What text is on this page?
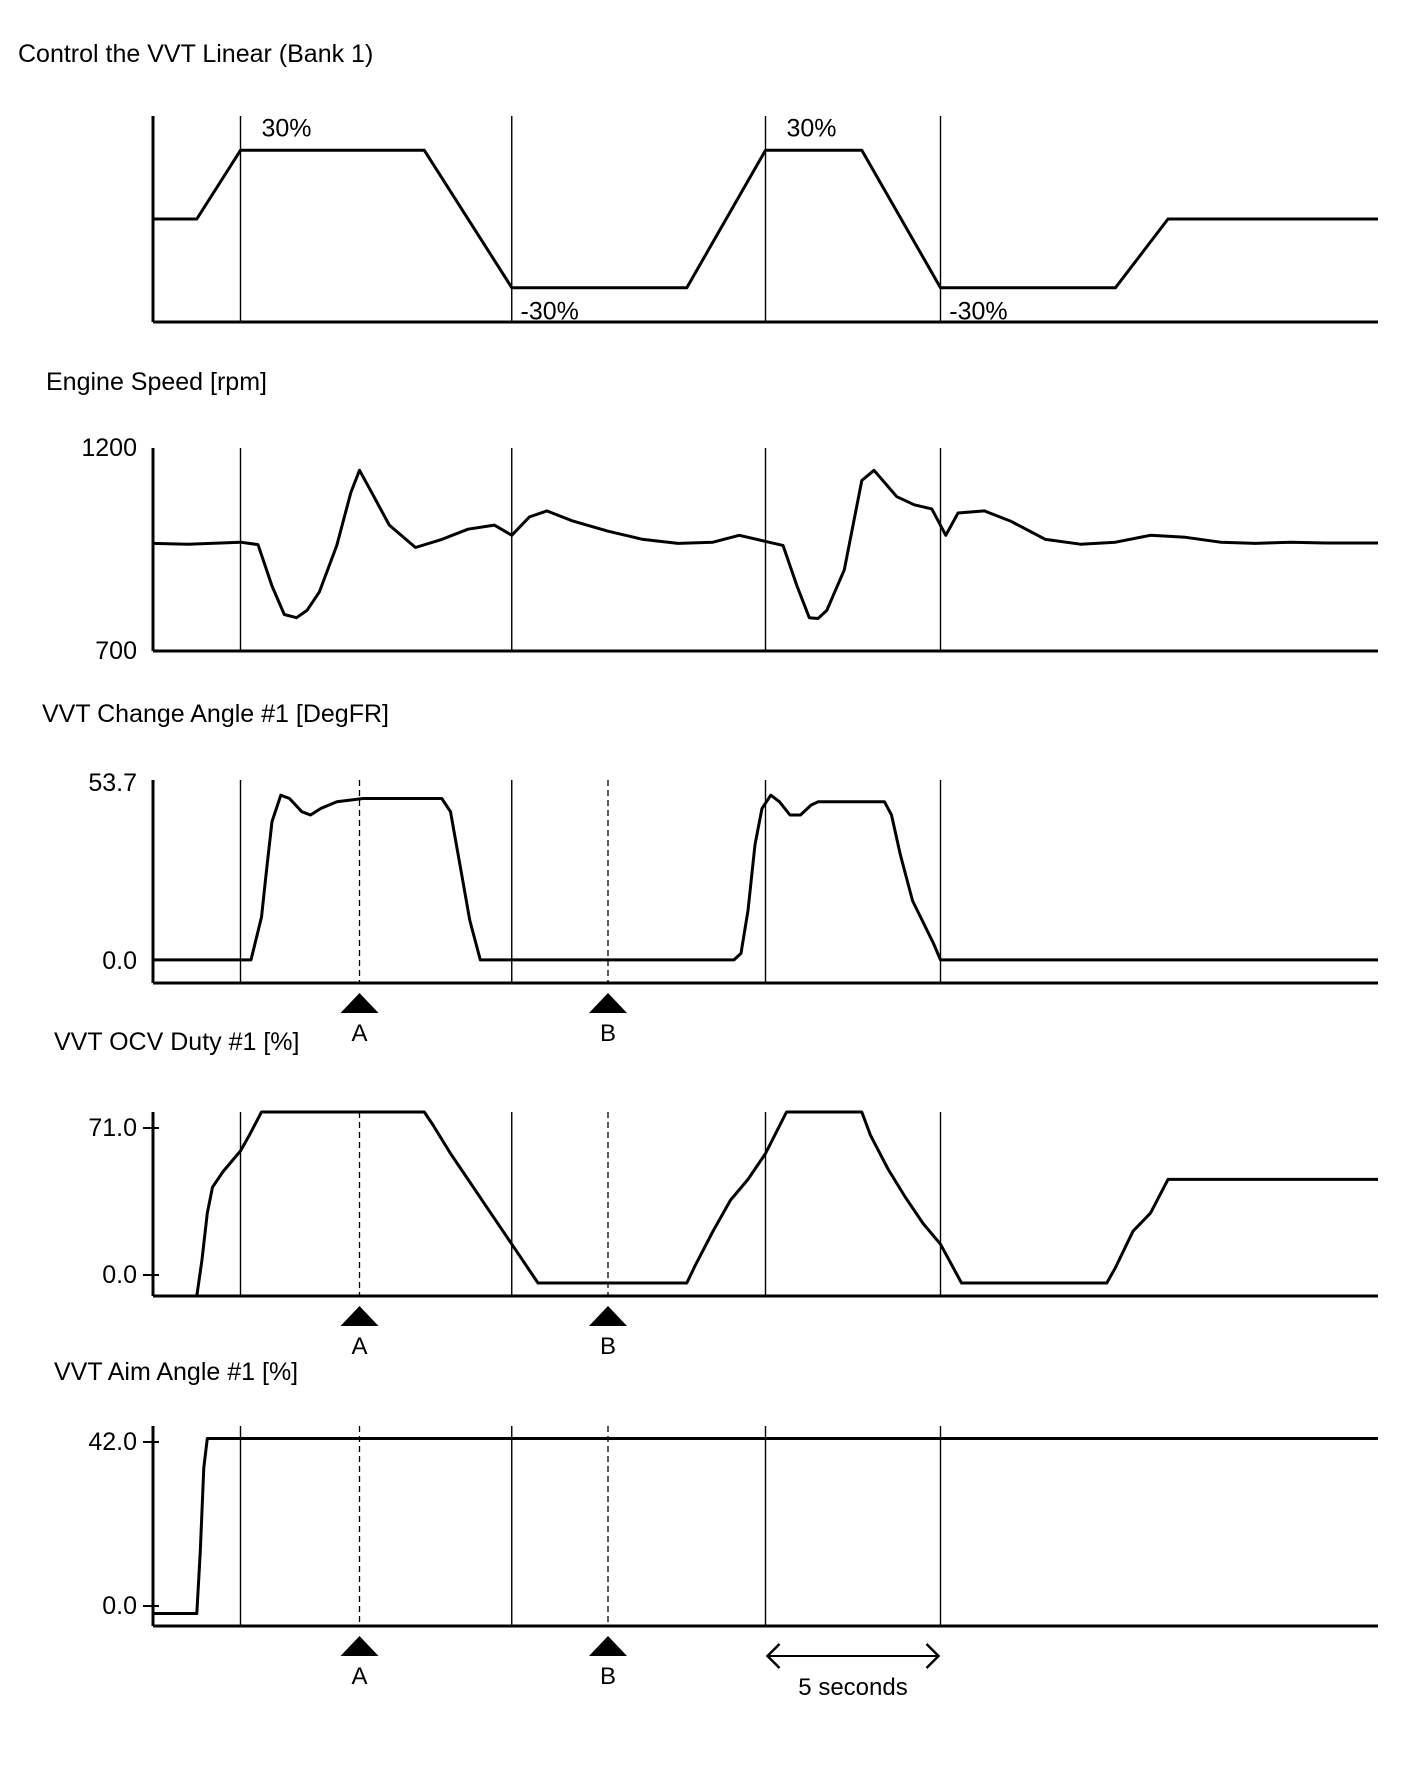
Control the VVT Linear (Bank 1)
30%
-30%
30%
-30%
Engine Speed [rpm]
1200
700
VVT Change Angle #1 [DegFR]
A	B
53.7
0.0
VVT OCV Duty #1 [%]
A	B
71.0
0.0
VVT Aim Angle #1 [%]
A	B
42.0
0.0
5 seconds
